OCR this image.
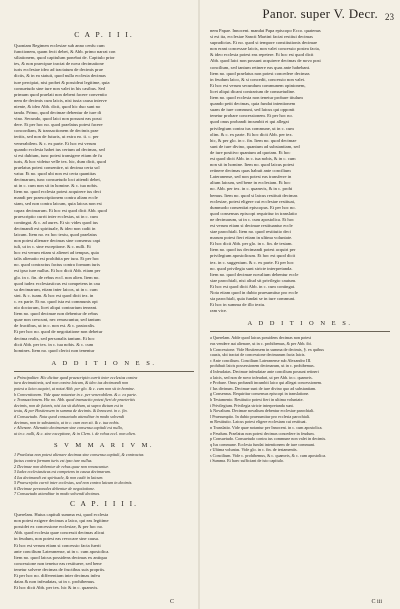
Panor. super V. Decr. 23
C A P. I I I.
Quoniam Regimen ecclesiae sub anno cenfu cum
functionem, quam fecit debet, & Abb. primo narrat con
siliationem, quod capitulum ponebat de. Capitulo prior
tes, & non praecipue tractat de nova decimatione
iuris ecclesiae ideo ad tractatum de decimis prae
dictis, & in ea statuit, quod nulla ecclesia decimas
iure percipiat, nisi probet & possideat legitime, quia
consuetudo sine iure non valet in his casibus. Sed
primum quod praelati non debent facere conventio
nem de decimis cum laicis, nisi iusta causa interve
niente, & ideo Abb. dicit, quod hic duo sunt no
tanda. Primo, quod decimae debentur de iure di
vino. Secundo, quod laici non possunt eas possi
dere. Et per hoc no. quod praelatus potest facere
concordiam, & transactionem de decimis prae
teritis, sed non de futuris, ut extra eo. ti. c. per
venerabilem. & c. ex parte. Et hoc est verum
quando ecclesia habet ius certum ad decimas, sed
si est dubium, tunc potest transigere etiam de fu
turis, & hoc videtur velle tex. hic, dum dicit, quod
praelatus potest consentire, ut decima certa sol
vatur. Et no. quod ubi non est certa quantitas
decimarum, tunc consuetudo loci attendi debet,
ut in c. cum non sit in homine. & c. tua nobis.
Item no. quod ecclesia potest acquirere ius deci
mandi per praescriptionem contra aliam eccle
siam, sed non contra laicum, quia laicus non est
capax decimarum. Et hoc est quod dicit Abb. quod
praescriptio currit inter ecclesias, ut in c. cum
contingat. & c. ad aures. Et sic vides quod ius
decimandi est spirituale, & ideo non cadit in
laicum. Item no. ex hoc textu, quod praelatus
non potest alienare decimas sine consensu capi
tuli, ut in c. sine exceptione. & c. nulli. Et
hoc est verum etiam si alienet ad tempus, quia
talis alienatio est prohibita per iura. Et per hoc
no. quod contractus factus contra formam iuris
est ipso iure nullus. Et hoc dicit Abb. etiam per
glo. in c. fin. de rebus eccl. non alien. Item no.
quod iudex ecclesiasticus est competens in cau
sa decimarum, etiam inter laicos, ut in c. cum
sint. & c. tuam. & hoc est quod dicit tex. in
c. ex parte. Et no. quod ista est communis opi
nio doctorum, licet aliqui contrarium teneant.
Item no. quod decimae non debentur de rebus
quae non crescunt, nec renascuntur, sed tantum
de fructibus, ut in c. non est. & c. pastoralis.
Et per hoc no. quod de negotiatione non debetur
decima realis, sed personalis tantum. Et hoc
dicit Abb. per tex. in c. tua nobis. & c. cum
homines. Item no. quod clerici non tenentur
A D D I T I O N E S.
a Principaliter. Hic dicitur quod praescriptio currit inter ecclesias contra
iura decimationis, sed non contra laicum, & ideo ius decimandi non
potest a laico acquiri, ut notat Abb. per glo. & c. cum non sit in homine.
b Conventionem. Vide quae notantur in c. per venerabilem. & c. ex parte.
c Transactionem. Hic no. Abb. quod transactio potest fieri de praeteritis
decimis, non de futuris, nisi ius sit dubium, ut supra dictum est in
textu, & per Hostiensem in summa de decimis. & Innocent. in c. fin.
d Consuetudo. Nota quod consuetudo attenditur in modo solvendi
decimas, non in substantia, ut in c. cum non sit. & c. tua nobis.
e Alienare. Alienatio decimarum sine consensu capituli est nulla,
ut in c. nulli, & c. sine exceptione, & in Clem. i. de rebus eccl. non alien.
S V M M A R I V M.
1 Praelatus non potest alienare decimas sine consensu capituli, & contractus
factus contra formam iuris est ipso iure nullus.
2 Decimae non debentur de rebus quae non renascuntur.
3 Iudex ecclesiasticus est competens in causa decimarum.
4 Ius decimandi est spirituale, & non cadit in laicum.
5 Praescriptio currit inter ecclesias, sed non contra laicum in decimis.
6 Decimae personales debentur de negotiatione.
7 Consuetudo attenditur in modo solvendi decimas.
C A P. I I I I.
Querelam. Huius capituli summa est, quod ecclesia
non potest exigere decimas a laico, qui eas legitime
possidet ex concessione ecclesiae, & per hoc no.
Abb. quod ecclesia quae concessit decimas alicui
in feudum, non potest eas revocare sine causa.
Et hoc est verum etiam si concessio facta fuerit
ante concilium Lateranense, ut in c. cum apostolica.
Item no. quod laicus possidens decimas ex antiqua
concessione non tenetur eas restituere, sed bene
tenetur solvere decimas de fructibus suis propriis.
Et per hoc no. differentiam inter decimas infeu
datas & non infeudatas, ut in c. prohibemus.
Et hoc dicit Abb. per tex. hic & in c. quamvis.
nem Papae. Innocent. mandat Papa episcopo Ecco. quatenus
si est ita, ecclesiae Sancti Martini faciat restitui decimas
supradictas. Et no. quod si tempore constitutionis decimae
non erant concessae laicis, non valet concessio postea facta,
& ideo ecclesia potest eas repetere. Et hoc est quod dicit
Abb. quod laici non possunt acquirere decimas de novo post
concilium, sed tantum retinere eas quas ante habebant.
Item no. quod praelatus non potest concedere decimas
in feudum laico, & si concedit, concessio non valet.
Et hoc est verum secundum communem opinionem,
licet aliqui dicant contrarium de consuetudine.
Item no. quod ecclesia non tenetur probare titulum
quando petit decimas, quia fundat intentionem
suam de iure communi, sed laicus qui opponit
tenetur probare concessionem. Et per hoc no.
quod onus probandi incumbit ei qui allegat
privilegium contra ius commune, ut in c. cum
olim. & c. ex parte. Et hoc dicit Abb. per tex.
hic, & per glo. in c. fin. Item no. quod decimae
sunt de iure divino, quantum ad substantiam, sed
de iure positivo quantum ad quotam. Et hoc
est quod dicit Abb. in c. tua nobis, & in c. cum
non sit in homine. Item no. quod laicus potest
retinere decimas quas habuit ante concilium
Lateranense, sed non potest eas transferre in
alium laicum, sed bene in ecclesiam. Et hoc
no. Abb. per tex. in c. quamvis, & in c. prohi
bemus. Item no. quod si laicus restituit decimas
ecclesiae, potest eligere cui ecclesiae restituat,
dummodo consentiat episcopus. Et per hoc no.
quod consensus episcopi requiritur in translatio
ne decimarum, ut in c. cum apostolica. Et hoc
est verum etiam si decimae restituantur eccle
siae parochiali. Item no. quod restitutio deci
marum potest fieri etiam in ultima voluntate.
Et hoc dicit Abb. per glo. in c. fin. de testam.
Item no. quod ius decimandi potest acquiri per
privilegium apostolicum. Et hoc est quod dicit
tex. in c. suggestum. & c. ex parte. Et per hoc
no. quod privilegia sunt stricte interpretanda.
Item no. quod decimae novalium debentur eccle
siae parochiali, nisi aliud sit privilegio cautum.
Et hoc est quod dicit Abb. in c. cum contingat.
Nota etiam quod in dubio praesumitur pro eccle
sia parochiali, quia fundat se in iure communi.
Et hoc in summa de illo textu.
ram vice.
A D D I T I O N E S.
a Querelam. Adde quod laicus possidens decimas non potest
eas vendere aut alienare, ut in c. prohibemus, & per Abb. ibi.
b Concessione. Vide Hostiensem in summa de decimis, §. ex quibus
causis, ubi tractat de concessione decimarum facta laicis.
c Ante concilium. Concilium Lateranense sub Alexandro III.
prohibuit laicis possessionem decimarum, ut in c. prohibemus.
d Infeudatas. Decimae infeudatae ante concilium possunt retineri
a laicis, sed non de novo infeudari, ut per Abb. in c. quamvis.
e Probare. Onus probandi incumbit laico qui allegat concessionem.
f Ius divinum. Decimae sunt de iure divino quo ad substantiam.
g Consensus. Requiritur consensus episcopi in translatione.
h Testamento. Restitutio potest fieri in ultima voluntate.
i Privilegium. Privilegia stricte interpretanda sunt.
k Novalium. Decimae novalium debentur ecclesiae parochiali.
l Praesumptio. In dubio praesumitur pro ecclesia parochiali.
m Restitutio. Laicus potest eligere ecclesiam cui restituat.
n Translatio. Vide quae notantur per Innocent. in c. cum apostolica.
o Feudum. Praelatus non potest decimas concedere in feudum.
p Consuetudo. Consuetudo contra ius commune non valet in decimis.
q Ius commune. Ecclesia fundat intentionem de iure communi.
r Ultima voluntas. Vide glo. in c. fin. de testamentis.
s Concilium. Vide c. prohibemus, & c. quamvis, & c. cum apostolica.
t Summa. Et haec sufficiant de isto capitulo.
C	C iii
